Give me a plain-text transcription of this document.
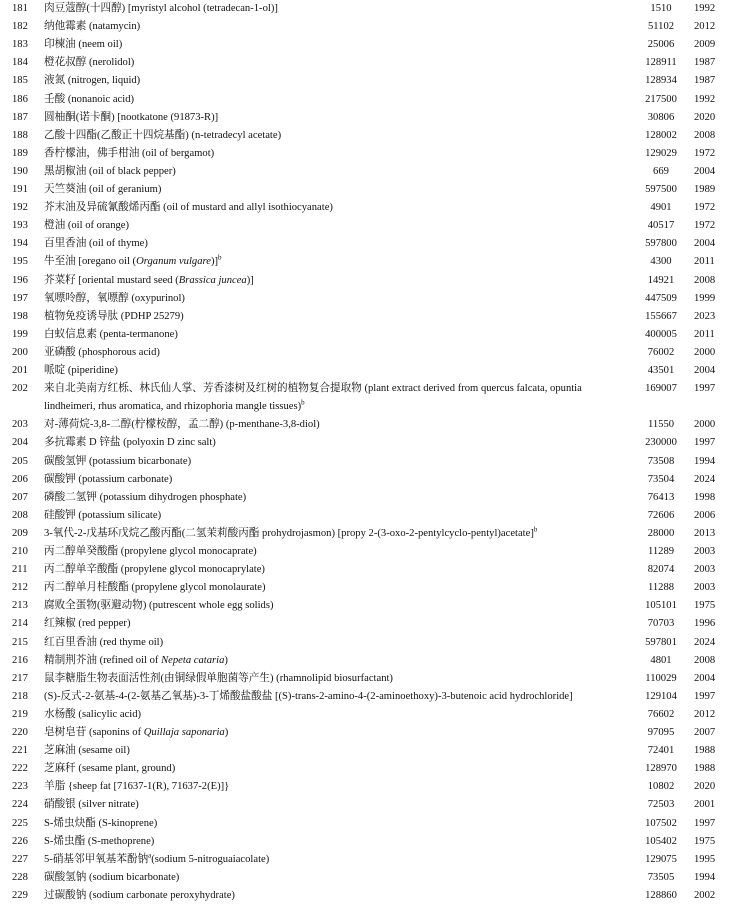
181 肉豆蔻醇(十四醇) [myristyl alcohol (tetradecan-1-ol)]	1510	1992
182 纳他霉素 (natamycin)	51102	2012
183 印楝油 (neem oil)	25006	2009
184 橙花叔醇 (nerolidol)	128911	1987
185 液氮 (nitrogen, liquid)	128934	1987
186 壬酸 (nonanoic acid)	217500	1992
187 圆柚酮(诺卡酮) [nootkatone (91873-R)]	30806	2020
188 乙酸十四酯(乙酸正十四烷基酯) (n-tetradecyl acetate)	128002	2008
189 香柠檬油，佛手柑油 (oil of bergamot)	129029	1972
190 黑胡椒油 (oil of black pepper)	669	2004
191 天竺葵油 (oil of geranium)	597500	1989
192 芥末油及异硫氰酸烯丙酯 (oil of mustard and allyl isothiocyanate)	4901	1972
193 橙油 (oil of orange)	40517	1972
194 百里香油 (oil of thyme)	597800	2004
195 牛至油 [oregano oil (Organum vulgare)]$^b$	4300	2011
196 芥菜籽 [oriental mustard seed (Brassica juncea)]	14921	2008
197 氧嘌呤醇，氧嘌醇 (oxypurinol)	447509	1999
198 植物免疫诱导肽 (PDHP 25279)	155667	2023
199 白蚁信息素 (penta-termanone)	400005	2011
200 亚磷酸 (phosphorous acid)	76002	2000
201 哌啶 (piperidine)	43501	2004
202 来自北美南方红栎、林氏仙人掌、芳香漆树及红树的植物复合提取物 (plant extract derived from quercus falcata, opuntia lindheimeri, rhus aromatica, and rhizophoria mangle tissues)$^b$
169007	1997
203 对-薄荷烷-3,8-二醇(柠檬桉醇，孟二醇) (p-menthane-3,8-diol)	11550	2000
204 多抗霉素 D 锌盐 (polyoxin D zinc salt)	230000	1997
205 碳酸氢钾 (potassium bicarbonate)	73508	1994
206 碳酸钾 (potassium carbonate)	73504	2024
207 磷酸二氢钾 (potassium dihydrogen phosphate)	76413	1998
208 硅酸钾 (potassium silicate)	72606	2006
209 3-氧代-2-戊基环戊烷乙酸丙酯(二氢茉莉酸丙酯 prohydrojasmon) [propy 2-(3-oxo-2-pentylcyclo-pentyl)acetate]$^b$	28000	2013
210 丙二醇单癸酸酯 (propylene glycol monocaprate)	11289	2003
211 丙二醇单辛酸酯 (propylene glycol monocaprylate)	82074	2003
212 丙二醇单月桂酸酯 (propylene glycol monolaurate)	11288	2003
213 腐败全蛋物(驱避动物) (putrescent whole egg solids)	105101	1975
214 红辣椒 (red pepper)	70703	1996
215 红百里香油 (red thyme oil)	597801	2024
216 精制荆芥油 (refined oil of Nepeta cataria)	4801	2008
217 鼠李糖脂生物表面活性剂(由铜绿假单胞菌等产生) (rhamnolipid biosurfactant)	110029	2004
218 (S)-反式-2-氨基-4-(2-氨基乙氧基)-3-丁烯酸盐酸盐 [(S)-trans-2-amino-4-(2-aminoethoxy)-3-butenoic acid hydrochloride]	129104	1997
219 水杨酸 (salicylic acid)	76602	2012
220 皂树皂苷 (saponins of Quillaja saponaria)	97095	2007
221 芝麻油 (sesame oil)	72401	1988
222 芝麻秆 (sesame plant, ground)	128970	1988
223 羊脂 {sheep fat [71637-1(R), 71637-2(E)]}	10802	2020
224 硝酸银 (silver nitrate)	72503	2001
225 S-烯虫炔酯 (S-kinoprene)	107502	1997
226 S-烯虫酯 (S-methoprene)	105402	1975
227 5-硝基邻甲氧基苯酚钠$^a$(sodium 5-nitroguaiacolate)	129075	1995
228 碳酸氢钠 (sodium bicarbonate)	73505	1994
229 过碳酸钠 (sodium carbonate peroxyhydrate)	128860	2002
